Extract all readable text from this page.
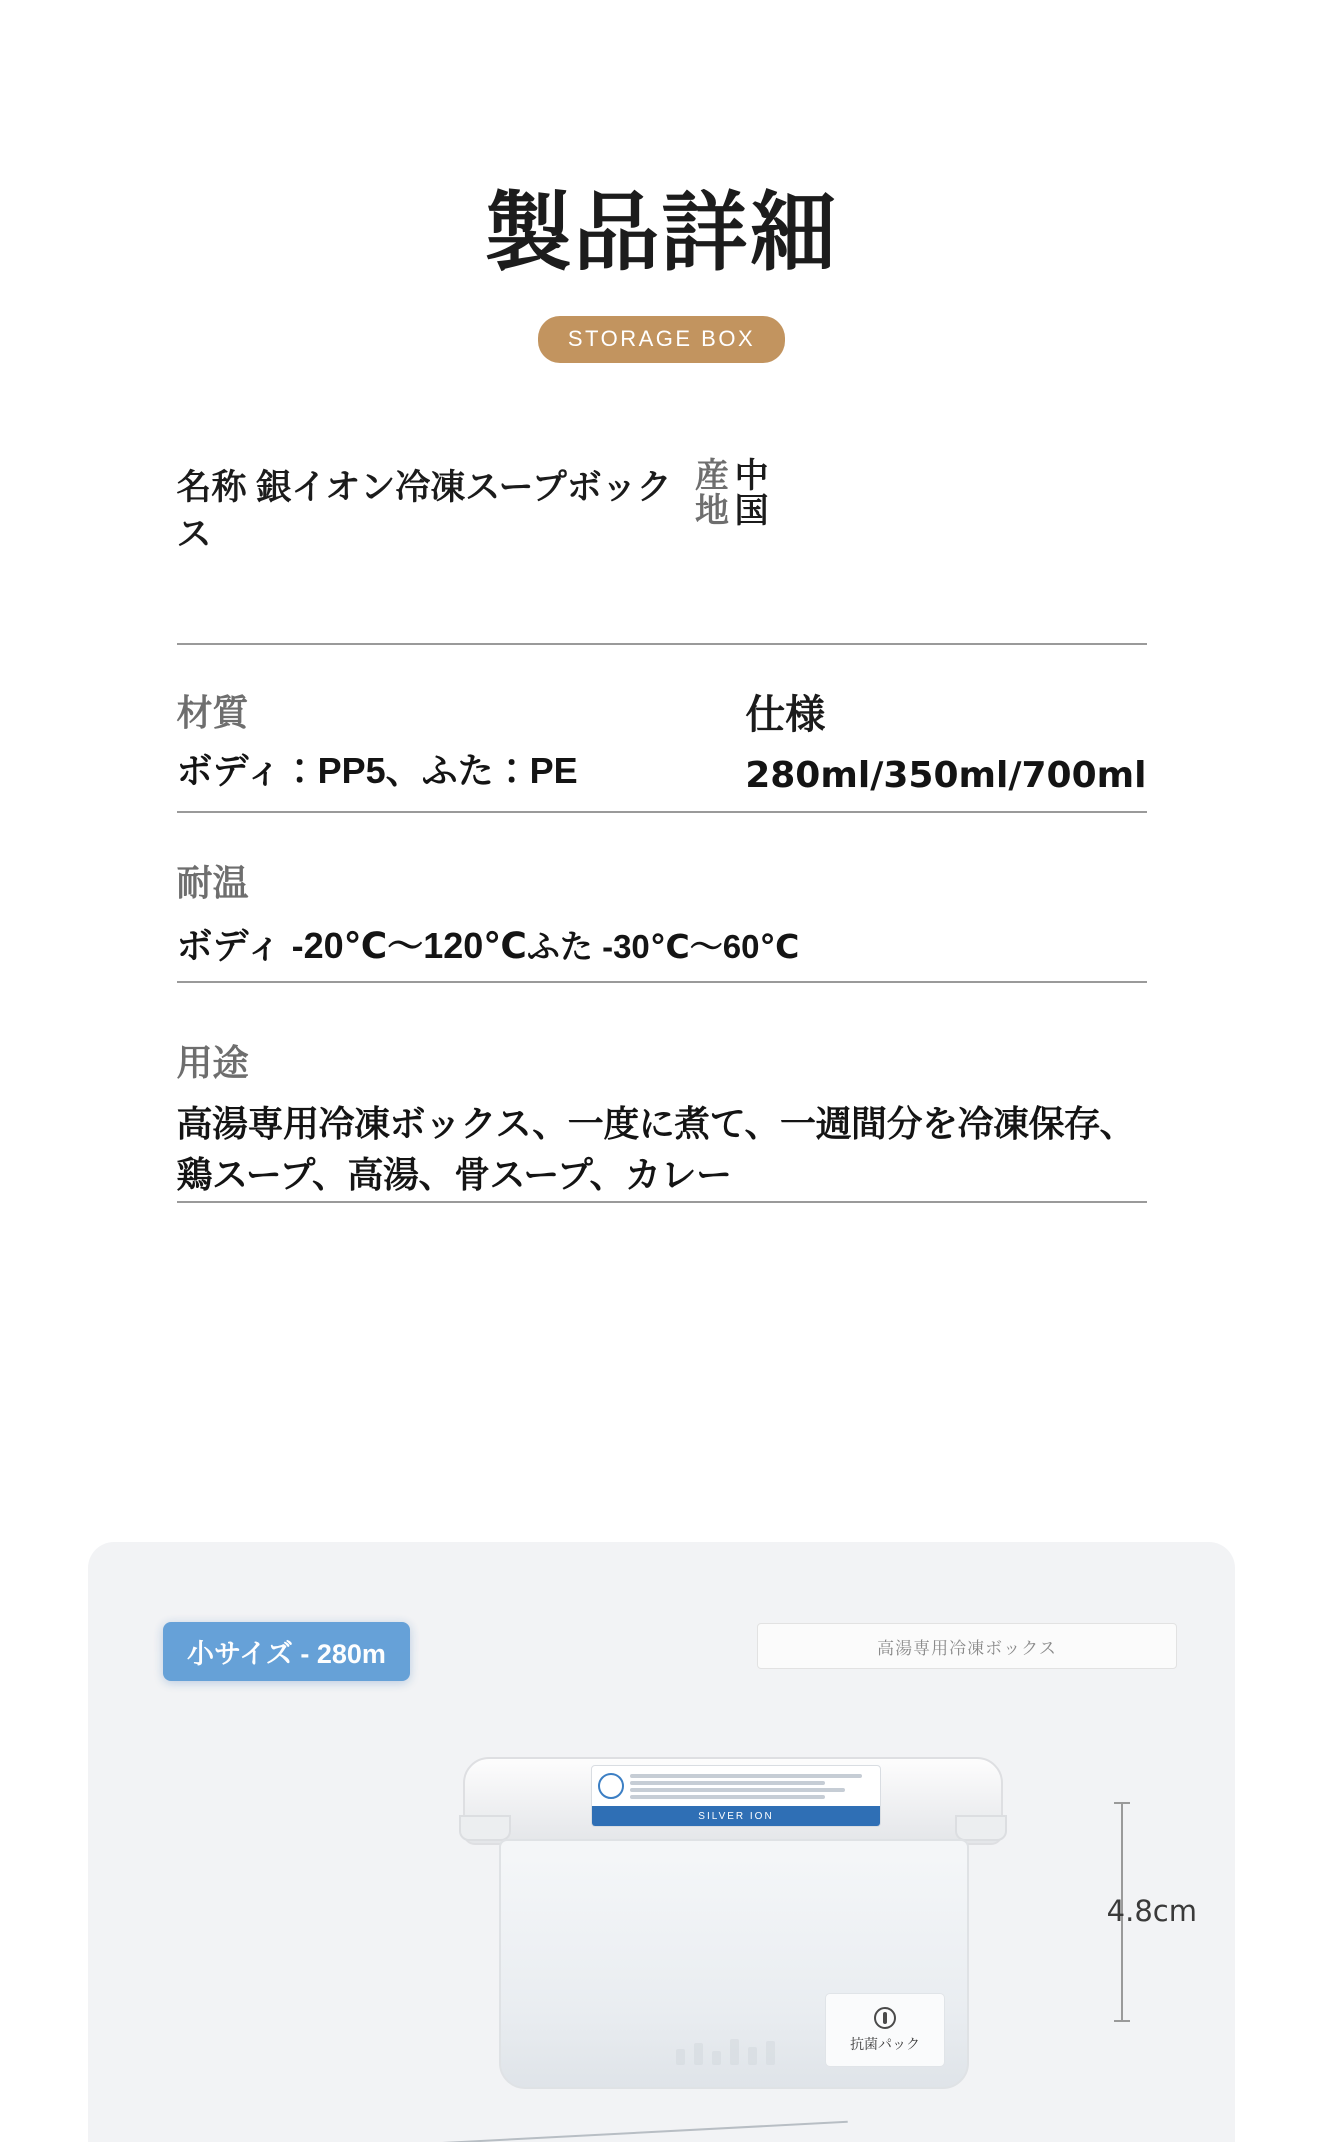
製品詳細
STORAGE BOX
名称 銀イオン冷凍スープボックス
産地 中国
材質
ボディ：PP5、ふた：PE
仕様
280ml/350ml/700ml
耐温
ボディ -20℃〜120℃ふた -30℃〜60℃
用途
高湯専用冷凍ボックス、一度に煮て、一週間分を冷凍保存、鶏スープ、高湯、骨スープ、カレー
小サイズ - 280m	高湯専用冷凍ボックス
SILVER ION
抗菌パック
4.8cm
